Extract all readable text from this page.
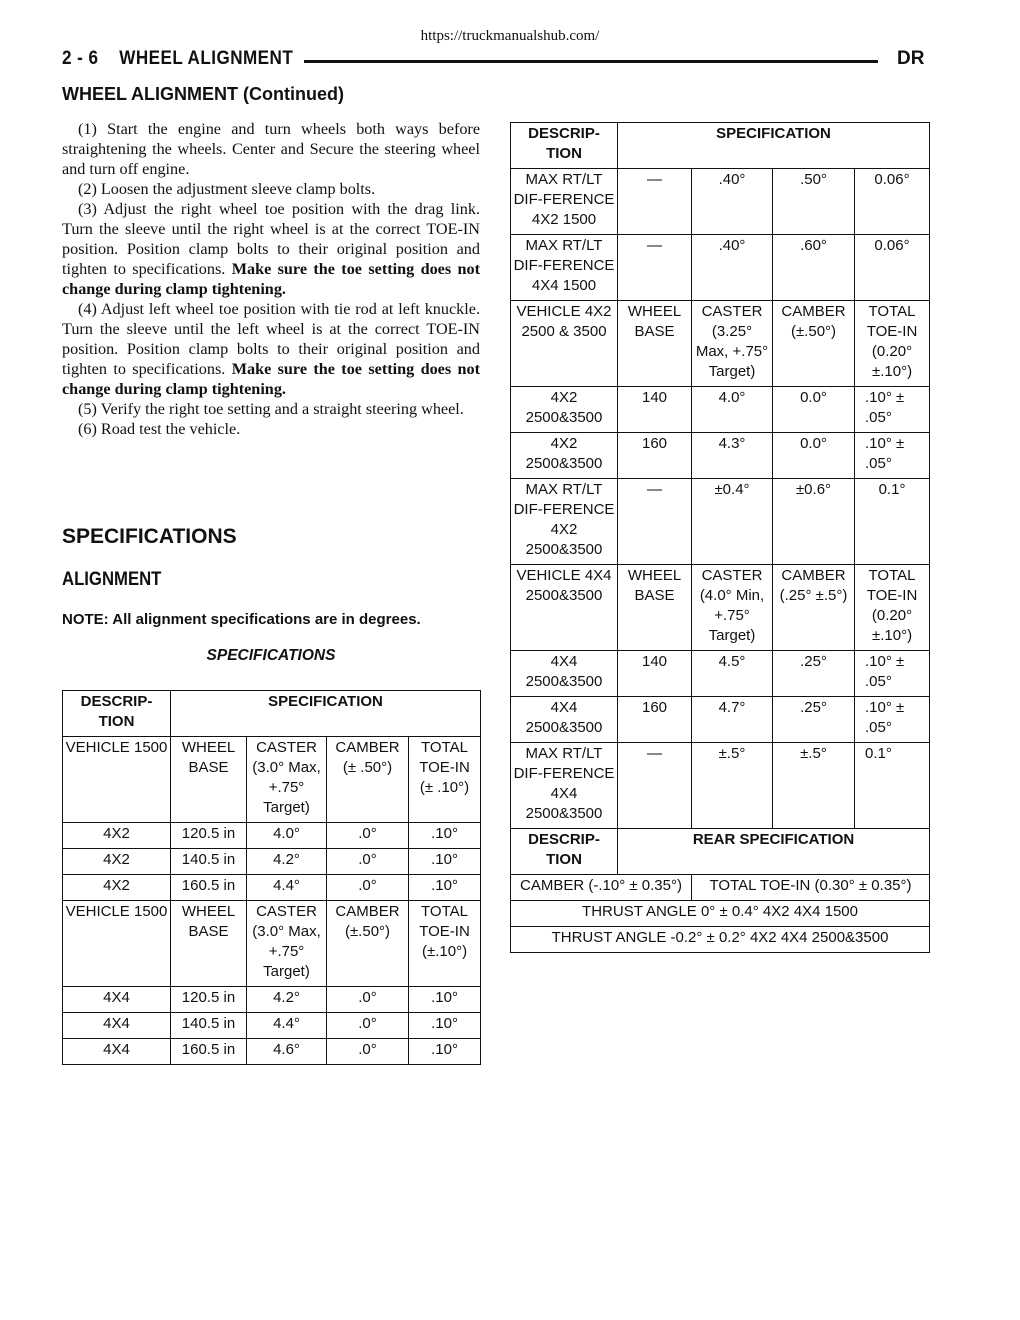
https://truckmanualshub.com/
2 - 6 WHEEL ALIGNMENT	DR
WHEEL ALIGNMENT (Continued)

(1) Start the engine and turn wheels both ways before straightening the wheels. Center and Secure the steering wheel and turn off engine.

(2) Loosen the adjustment sleeve clamp bolts.

(3) Adjust the right wheel toe position with the drag link. Turn the sleeve until the right wheel is at the correct TOE-IN position. Position clamp bolts to their original position and tighten to specifications. Make sure the toe setting does not change during clamp tightening.

(4) Adjust left wheel toe position with tie rod at left knuckle. Turn the sleeve until the left wheel is at the correct TOE-IN position. Position clamp bolts to their original position and tighten to specifications. Make sure the toe setting does not change during clamp tightening.

(5) Verify the right toe setting and a straight steering wheel.

(6) Road test the vehicle.

SPECIFICATIONS
ALIGNMENT
NOTE: All alignment specifications are in degrees.
SPECIFICATIONS
DESCRIP-TION	SPECIFICATION			
VEHICLE 1500	WHEEL BASE	CASTER (3.0° Max, +.75° Target)	CAMBER (± .50°)	TOTAL TOE-IN (± .10°)
4X2	120.5 in	4.0°	.0°	.10°
4X2	140.5 in	4.2°	.0°	.10°
4X2	160.5 in	4.4°	.0°	.10°
VEHICLE 1500	WHEEL BASE	CASTER (3.0° Max, +.75° Target)	CAMBER (±.50°)	TOTAL TOE-IN (±.10°)
4X4	120.5 in	4.2°	.0°	.10°
4X4	140.5 in	4.4°	.0°	.10°
4X4	160.5 in	4.6°	.0°	.10°
DESCRIP-TION	SPECIFICATION			
MAX RT/LT DIF-FERENCE 4X2 1500	—	.40°	.50°	0.06°
MAX RT/LT DIF-FERENCE 4X4 1500	—	.40°	.60°	0.06°
VEHICLE 4X2 2500 & 3500	WHEEL BASE	CASTER (3.25° Max, +.75° Target)	CAMBER (±.50°)	TOTAL TOE-IN (0.20° ±.10°)
4X2 2500&3500	140	4.0°	0.0°	.10° ± .05°
4X2 2500&3500	160	4.3°	0.0°	.10° ± .05°
MAX RT/LT DIF-FERENCE 4X2 2500&3500	—	±0.4°	±0.6°	0.1°
VEHICLE 4X4 2500&3500	WHEEL BASE	CASTER (4.0° Min, +.75° Target)	CAMBER (.25° ±.5°)	TOTAL TOE-IN (0.20° ±.10°)
4X4 2500&3500	140	4.5°	.25°	.10° ± .05°
4X4 2500&3500	160	4.7°	.25°	.10° ± .05°
MAX RT/LT DIF-FERENCE 4X4 2500&3500	—	±.5°	±.5°	0.1°
DESCRIP-TION	REAR SPECIFICATION			
CAMBER (-.10° ± 0.35°)		TOTAL TOE-IN (0.30° ± 0.35°)		
THRUST ANGLE 0° ± 0.4° 4X2 4X4 1500				
THRUST ANGLE -0.2° ± 0.2° 4X2 4X4 2500&3500				
